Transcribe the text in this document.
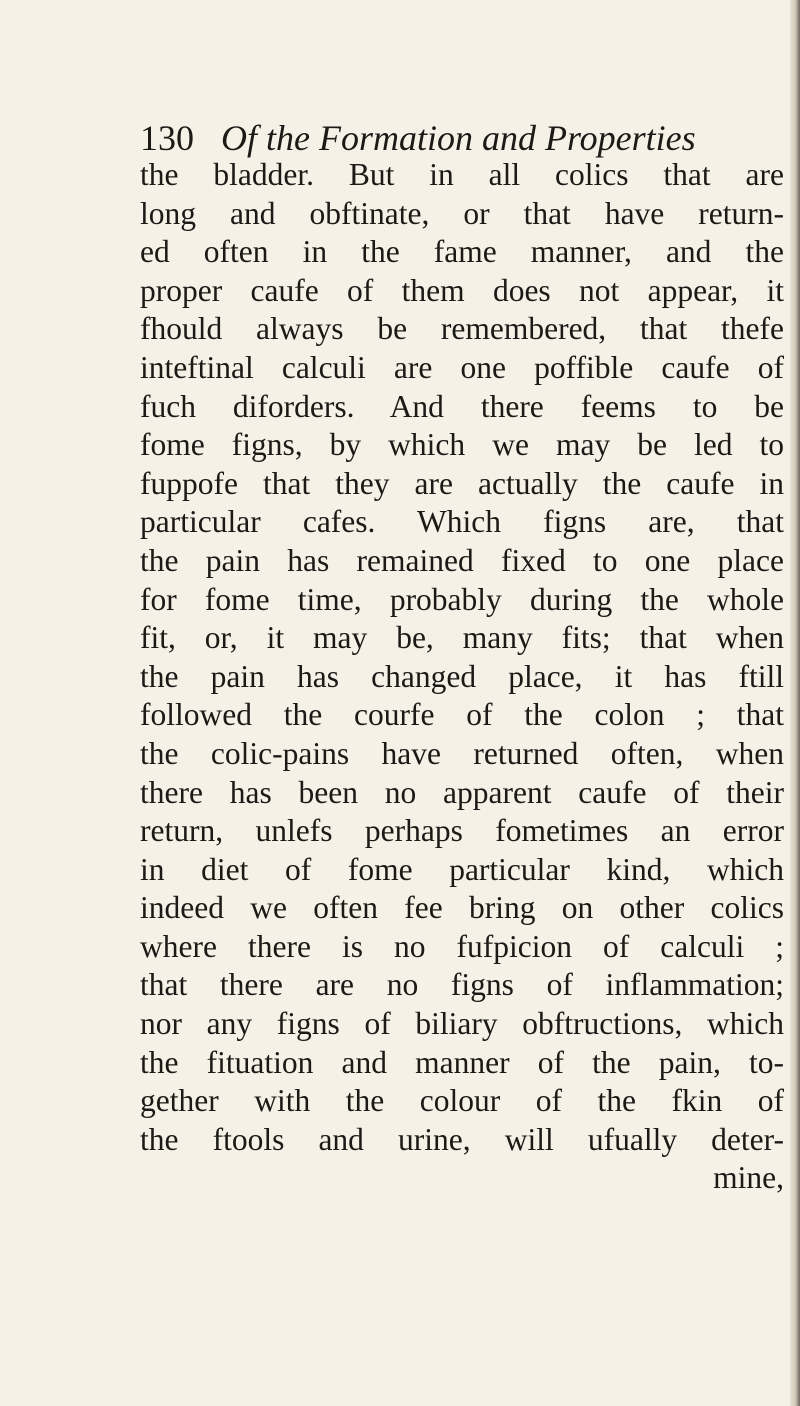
130 Of the Formation and Properties
the bladder. But in all colics that are
long and obftinate, or that have return-
ed often in the fame manner, and the
proper caufe of them does not appear, it
fhould always be remembered, that thefe
inteftinal calculi are one poffible caufe of
fuch diforders. And there feems to be
fome figns, by which we may be led to
fuppofe that they are actually the caufe in
particular cafes. Which figns are, that
the pain has remained fixed to one place
for fome time, probably during the whole
fit, or, it may be, many fits; that when
the pain has changed place, it has ftill
followed the courfe of the colon ; that
the colic-pains have returned often, when
there has been no apparent caufe of their
return, unlefs perhaps fometimes an error
in diet of fome particular kind, which
indeed we often fee bring on other colics
where there is no fufpicion of calculi ;
that there are no figns of inflammation;
nor any figns of biliary obftructions, which
the fituation and manner of the pain, to-
gether with the colour of the fkin of
the ftools and urine, will ufually deter-
mine,
